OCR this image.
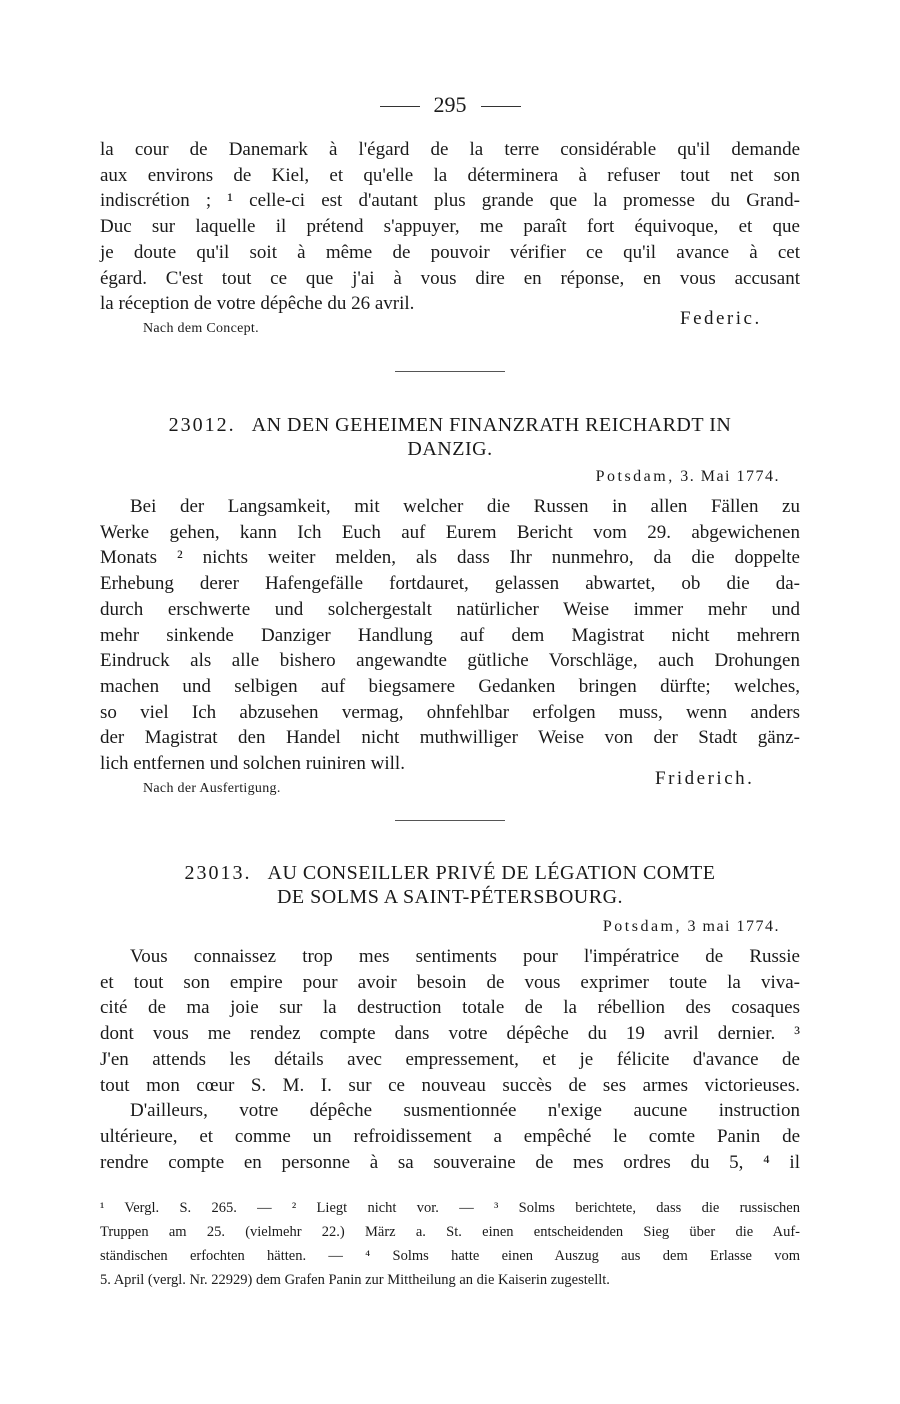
295
la cour de Danemark à l'égard de la terre considérable qu'il demande
aux environs de Kiel, et qu'elle la déterminera à refuser tout net son
indiscrétion ; ¹ celle-ci est d'autant plus grande que la promesse du Grand-
Duc sur laquelle il prétend s'appuyer, me paraît fort équivoque, et que
je doute qu'il soit à même de pouvoir vérifier ce qu'il avance à cet
égard. C'est tout ce que j'ai à vous dire en réponse, en vous accusant
la réception de votre dépêche du 26 avril.
Nach dem Concept.	Federic.
23012. AN DEN GEHEIMEN FINANZRATH REICHARDT IN
DANZIG.
Potsdam, 3. Mai 1774.
Bei der Langsamkeit, mit welcher die Russen in allen Fällen zu
Werke gehen, kann Ich Euch auf Eurem Bericht vom 29. abgewichenen
Monats ² nichts weiter melden, als dass Ihr nunmehro, da die doppelte
Erhebung derer Hafengefälle fortdauret, gelassen abwartet, ob die da-
durch erschwerte und solchergestalt natürlicher Weise immer mehr und
mehr sinkende Danziger Handlung auf dem Magistrat nicht mehrern
Eindruck als alle bishero angewandte gütliche Vorschläge, auch Drohungen
machen und selbigen auf biegsamere Gedanken bringen dürfte; welches,
so viel Ich abzusehen vermag, ohnfehlbar erfolgen muss, wenn anders
der Magistrat den Handel nicht muthwilliger Weise von der Stadt gänz-
lich entfernen und solchen ruiniren will.
Nach der Ausfertigung.	Friderich.
23013. AU CONSEILLER PRIVÉ DE LÉGATION COMTE
DE SOLMS A SAINT-PÉTERSBOURG.
Potsdam, 3 mai 1774.
Vous connaissez trop mes sentiments pour l'impératrice de Russie
et tout son empire pour avoir besoin de vous exprimer toute la viva-
cité de ma joie sur la destruction totale de la rébellion des cosaques
dont vous me rendez compte dans votre dépêche du 19 avril dernier. ³
J'en attends les détails avec empressement, et je félicite d'avance de
tout mon cœur S. M. I. sur ce nouveau succès de ses armes victorieuses.
D'ailleurs, votre dépêche susmentionnée n'exige aucune instruction
ultérieure, et comme un refroidissement a empêché le comte Panin de
rendre compte en personne à sa souveraine de mes ordres du 5, ⁴ il
¹ Vergl. S. 265. — ² Liegt nicht vor. — ³ Solms berichtete, dass die russischen
Truppen am 25. (vielmehr 22.) März a. St. einen entscheidenden Sieg über die Auf-
ständischen erfochten hätten. — ⁴ Solms hatte einen Auszug aus dem Erlasse vom
5. April (vergl. Nr. 22929) dem Grafen Panin zur Mittheilung an die Kaiserin zugestellt.
